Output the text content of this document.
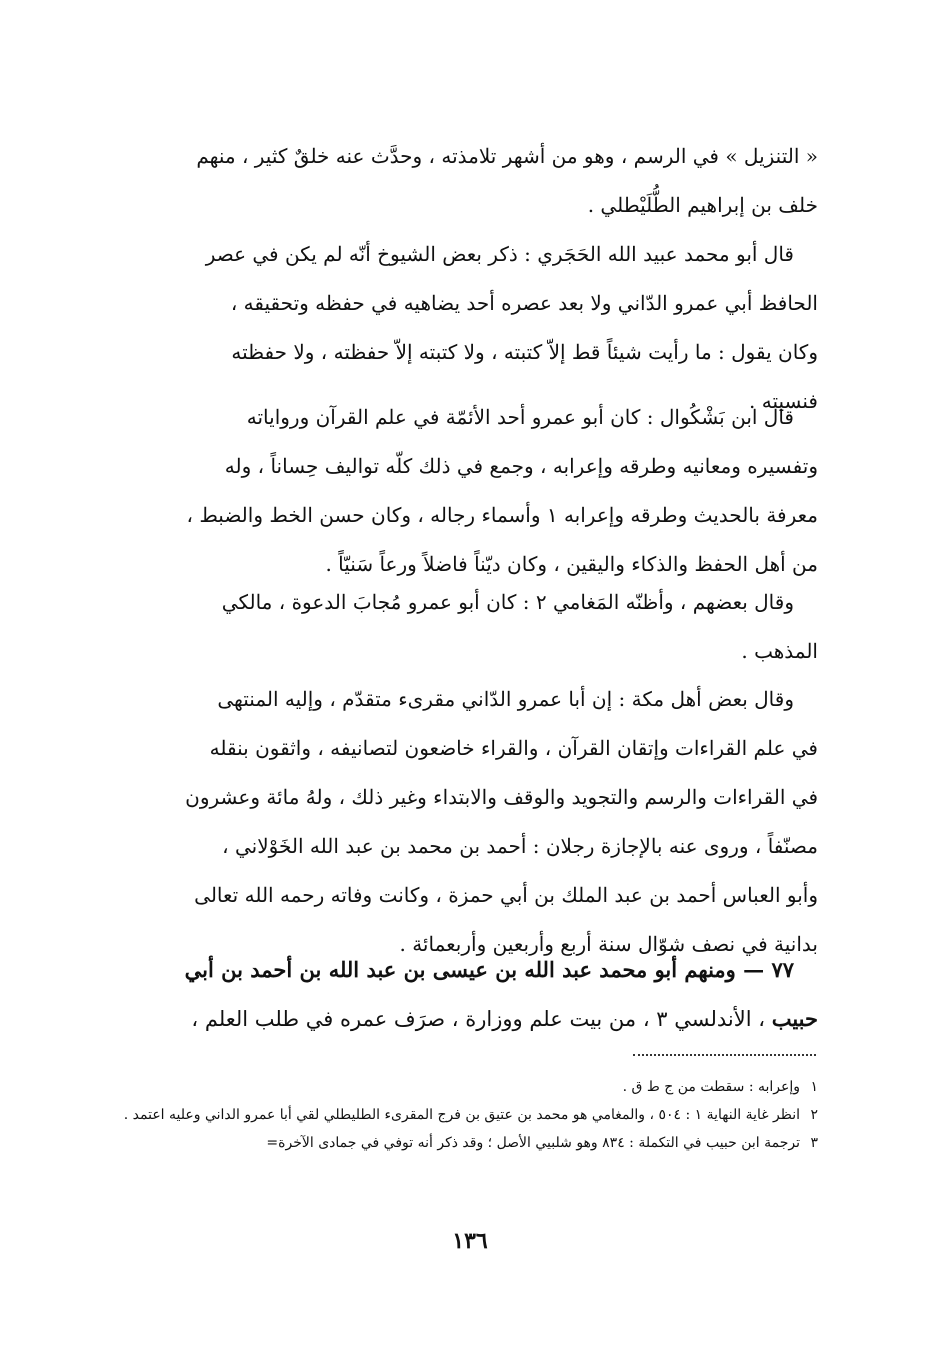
« التنزيل » في الرسم ، وهو من أشهر تلامذته ، وحدَّث عنه خلقٌ كثير ، منهم

خلف بن إبراهيم الطُّلَيْطلي .

قال أبو محمد عبيد الله الحَجَري : ذكر بعض الشيوخ أنّه لم يكن في عصر

الحافظ أبي عمرو الدّاني ولا بعد عصره أحد يضاهيه في حفظه وتحقيقه ،

وكان يقول : ما رأيت شيئاً قط إلاّ كتبته ، ولا كتبته إلاّ حفظته ، ولا حفظته

فنسيته .

قال ابن بَشْكُوال : كان أبو عمرو أحد الأئمّة في علم القرآن ورواياته

وتفسيره ومعانيه وطرقه وإعرابه ، وجمع في ذلك كلّه تواليف حِساناً ، وله

معرفة بالحديث وطرقه وإعرابه ١ وأسماء رجاله ، وكان حسن الخط والضبط ،

من أهل الحفظ والذكاء واليقين ، وكان ديّناً فاضلاً ورعاً سَنيّاً .

وقال بعضهم ، وأظنّه المَغامي ٢ : كان أبو عمرو مُجابَ الدعوة ، مالكي

المذهب .

وقال بعض أهل مكة : إن أبا عمرو الدّاني مقرىء متقدّم ، وإليه المنتهى

في علم القراءات وإتقان القرآن ، والقراء خاضعون لتصانيفه ، واثقون بنقله

في القراءات والرسم والتجويد والوقف والابتداء وغير ذلك ، ولهُ مائة وعشرون

مصنّفاً ، وروى عنه بالإجازة رجلان : أحمد بن محمد بن عبد الله الخَوْلاني ،

وأبو العباس أحمد بن عبد الملك بن أبي حمزة ، وكانت وفاته رحمه الله تعالى

بدانية في نصف شوّال سنة أربع وأربعين وأربعمائة .

٧٧ — ومنهم أبو محمد عبد الله بن عيسى بن عبد الله بن أحمد بن أبي

حبيب ، الأندلسي ٣ ، من بيت علم ووزارة ، صرَف عمره في طلب العلم ،

١ وإعرابه : سقطت من ج ط ق .

٢ انظر غاية النهاية ١ : ٥٠٤ ، والمغامي هو محمد بن عتيق بن فرج المقرىء الطليطلي لقي أبا عمرو الداني وعليه اعتمد .

٣ ترجمة ابن حبيب في التكملة : ٨٣٤ وهو شلبيي الأصل ؛ وقد ذكر أنه توفي في جمادى الآخرة=

١٣٦
